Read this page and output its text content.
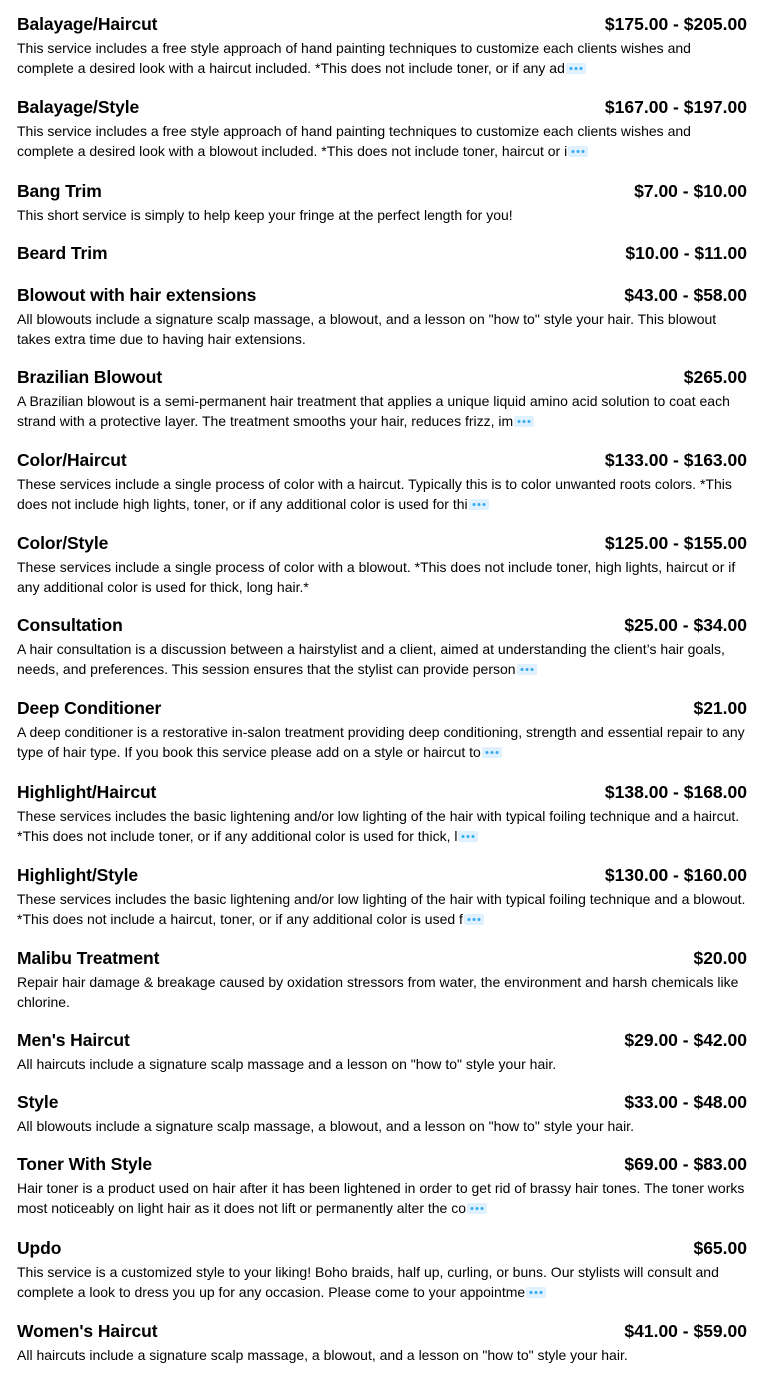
Balayage/Haircut	$175.00 - $205.00
This service includes a free style approach of hand painting techniques to customize each clients wishes and complete a desired look with a haircut included. *This does not include toner, or if any ad
Balayage/Style	$167.00 - $197.00
This service includes a free style approach of hand painting techniques to customize each clients wishes and complete a desired look with a blowout included. *This does not include toner, haircut or i
Bang Trim	$7.00 - $10.00
This short service is simply to help keep your fringe at the perfect length for you!
Beard Trim	$10.00 - $11.00
Blowout with hair extensions	$43.00 - $58.00
All blowouts include a signature scalp massage, a blowout, and a lesson on "how to" style your hair. This blowout takes extra time due to having hair extensions.
Brazilian Blowout	$265.00
A Brazilian blowout is a semi-permanent hair treatment that applies a unique liquid amino acid solution to coat each strand with a protective layer. The treatment smooths your hair, reduces frizz, im
Color/Haircut	$133.00 - $163.00
These services include a single process of color with a haircut. Typically this is to color unwanted roots colors. *This does not include high lights, toner, or if any additional color is used for thi
Color/Style	$125.00 - $155.00
These services include a single process of color with a blowout. *This does not include toner, high lights, haircut or if any additional color is used for thick, long hair.*
Consultation	$25.00 - $34.00
A hair consultation is a discussion between a hairstylist and a client, aimed at understanding the client’s hair goals, needs, and preferences. This session ensures that the stylist can provide person
Deep Conditioner	$21.00
A deep conditioner is a restorative in-salon treatment providing deep conditioning, strength and essential repair to any type of hair type. If you book this service please add on a style or haircut to
Highlight/Haircut	$138.00 - $168.00
These services includes the basic lightening and/or low lighting of the hair with typical foiling technique and a haircut. *This does not include toner, or if any additional color is used for thick, l
Highlight/Style	$130.00 - $160.00
These services includes the basic lightening and/or low lighting of the hair with typical foiling technique and a blowout. *This does not include a haircut, toner, or if any additional color is used f
Malibu Treatment	$20.00
Repair hair damage & breakage caused by oxidation stressors from water, the environment and harsh chemicals like chlorine.
Men's Haircut	$29.00 - $42.00
All haircuts include a signature scalp massage and a lesson on "how to" style your hair.
Style	$33.00 - $48.00
All blowouts include a signature scalp massage, a blowout, and a lesson on "how to" style your hair.
Toner With Style	$69.00 - $83.00
Hair toner is a product used on hair after it has been lightened in order to get rid of brassy hair tones. The toner works most noticeably on light hair as it does not lift or permanently alter the co
Updo	$65.00
This service is a customized style to your liking! Boho braids, half up, curling, or buns. Our stylists will consult and complete a look to dress you up for any occasion. Please come to your appointme
Women's Haircut	$41.00 - $59.00
All haircuts include a signature scalp massage, a blowout, and a lesson on "how to" style your hair.
